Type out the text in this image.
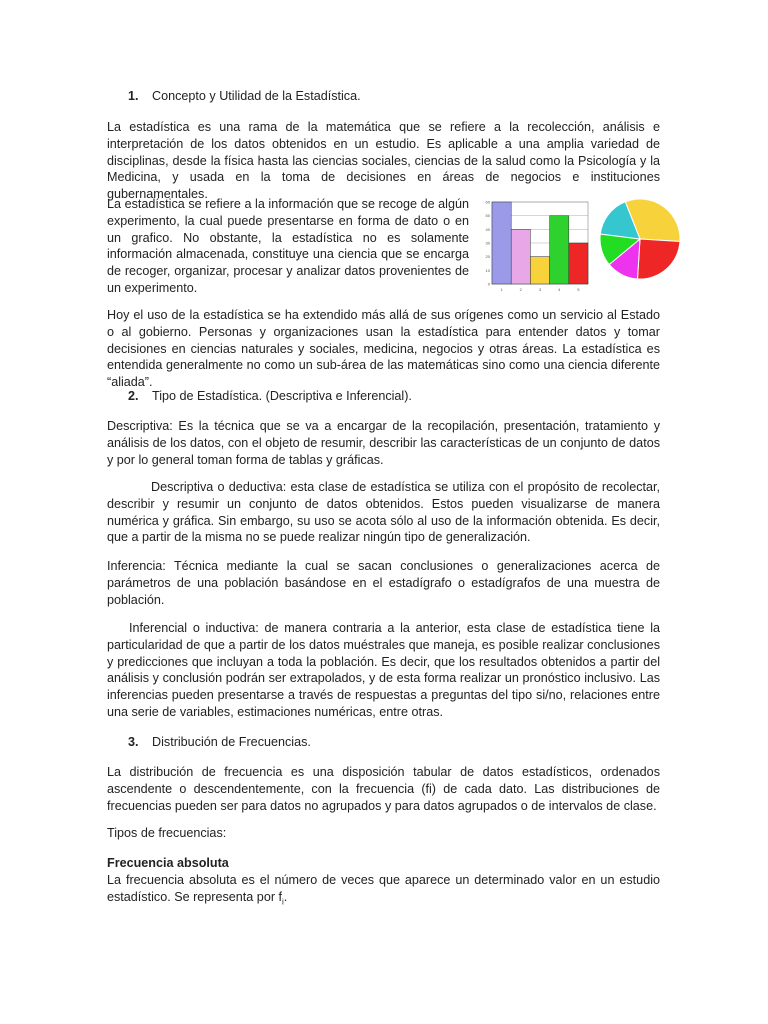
1. Concepto y Utilidad de la Estadística.

La estadística es una rama de la matemática que se refiere a la recolección, análisis e interpretación de los datos obtenidos en un estudio. Es aplicable a una amplia variedad de disciplinas, desde la física hasta las ciencias sociales, ciencias de la salud como la Psicología y la Medicina, y usada en la toma de decisiones en áreas de negocios e instituciones gubernamentales.

La estadística se refiere a la información que se recoge de algún experimento, la cual puede presentarse en forma de dato o en un grafico. No obstante, la estadística no es solamente información almacenada, constituye una ciencia que se encarga de recoger, organizar, procesar y analizar datos provenientes de un experimento.	0
10
20
30
40
50
60
1	2	3	4	5

Hoy el uso de la estadística se ha extendido más allá de sus orígenes como un servicio al Estado o al gobierno. Personas y organizaciones usan la estadística para entender datos y tomar decisiones en ciencias naturales y sociales, medicina, negocios y otras áreas. La estadística es entendida generalmente no como un sub-área de las matemáticas sino como una ciencia diferente “aliada”.

2. Tipo de Estadística. (Descriptiva e Inferencial).

Descriptiva: Es la técnica que se va a encargar de la recopilación, presentación, tratamiento y análisis de los datos, con el objeto de resumir, describir las características de un conjunto de datos y por lo general toman forma de tablas y gráficas.

Descriptiva o deductiva: esta clase de estadística se utiliza con el propósito de recolectar, describir y resumir un conjunto de datos obtenidos. Estos pueden visualizarse de manera numérica y gráfica. Sin embargo, su uso se acota sólo al uso de la información obtenida. Es decir, que a partir de la misma no se puede realizar ningún tipo de generalización.

Inferencia: Técnica mediante la cual se sacan conclusiones o generalizaciones acerca de parámetros de una población basándose en el estadígrafo o estadígrafos de una muestra de población.

Inferencial o inductiva: de manera contraria a la anterior, esta clase de estadística tiene la particularidad de que a partir de los datos muéstrales que maneja, es posible realizar conclusiones y predicciones que incluyan a toda la población. Es decir, que los resultados obtenidos a partir del análisis y conclusión podrán ser extrapolados, y de esta forma realizar un pronóstico inclusivo. Las inferencias pueden presentarse a través de respuestas a preguntas del tipo si/no, relaciones entre una serie de variables, estimaciones numéricas, entre otras.

3. Distribución de Frecuencias.

La distribución de frecuencia es una disposición tabular de datos estadísticos, ordenados ascendente o descendentemente, con la frecuencia (fi) de cada dato. Las distribuciones de frecuencias pueden ser para datos no agrupados y para datos agrupados o de intervalos de clase.

Tipos de frecuencias:

Frecuencia absoluta

La frecuencia absoluta es el número de veces que aparece un determinado valor en un estudio estadístico. Se representa por $f_i$.
